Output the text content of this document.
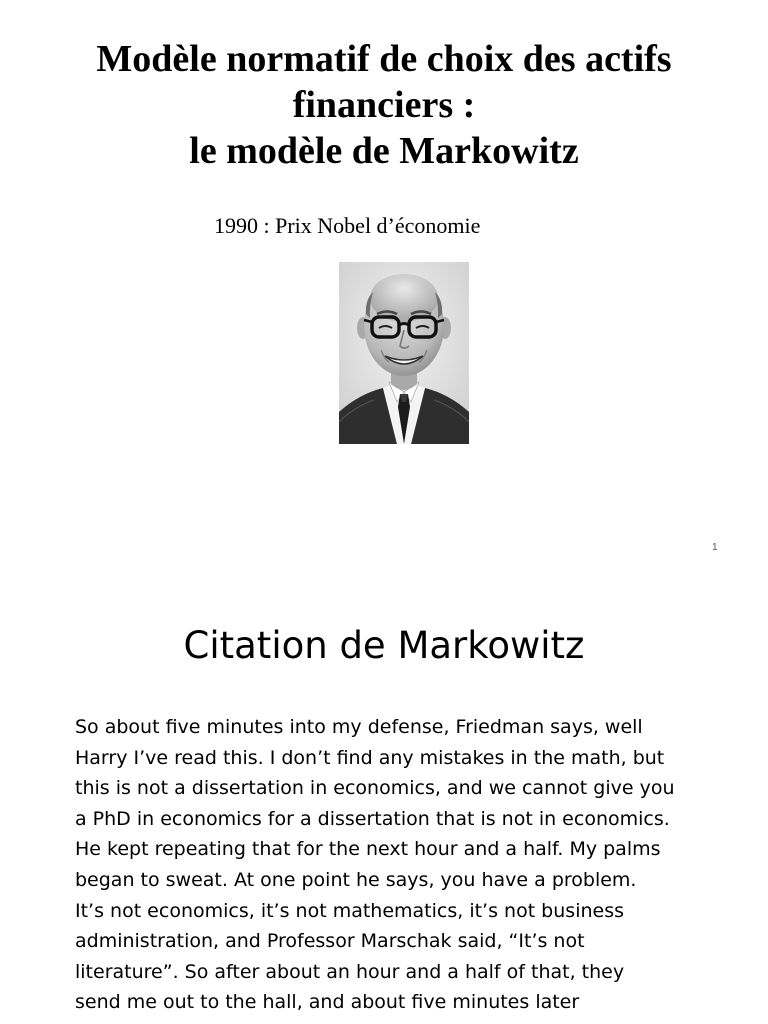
Modèle normatif de choix des actifs
financiers :
le modèle de Markowitz

1990 : Prix Nobel d’économie

1
Citation de Markowitz

So about five minutes into my defense, Friedman says, well
Harry I’ve read this. I don’t find any mistakes in the math, but
this is not a dissertation in economics, and we cannot give you
a PhD in economics for a dissertation that is not in economics.
He kept repeating that for the next hour and a half. My palms
began to sweat. At one point he says, you have a problem.
It’s not economics, it’s not mathematics, it’s not business
administration, and Professor Marschak said, “It’s not
literature”. So after about an hour and a half of that, they
send me out to the hall, and about five minutes later
